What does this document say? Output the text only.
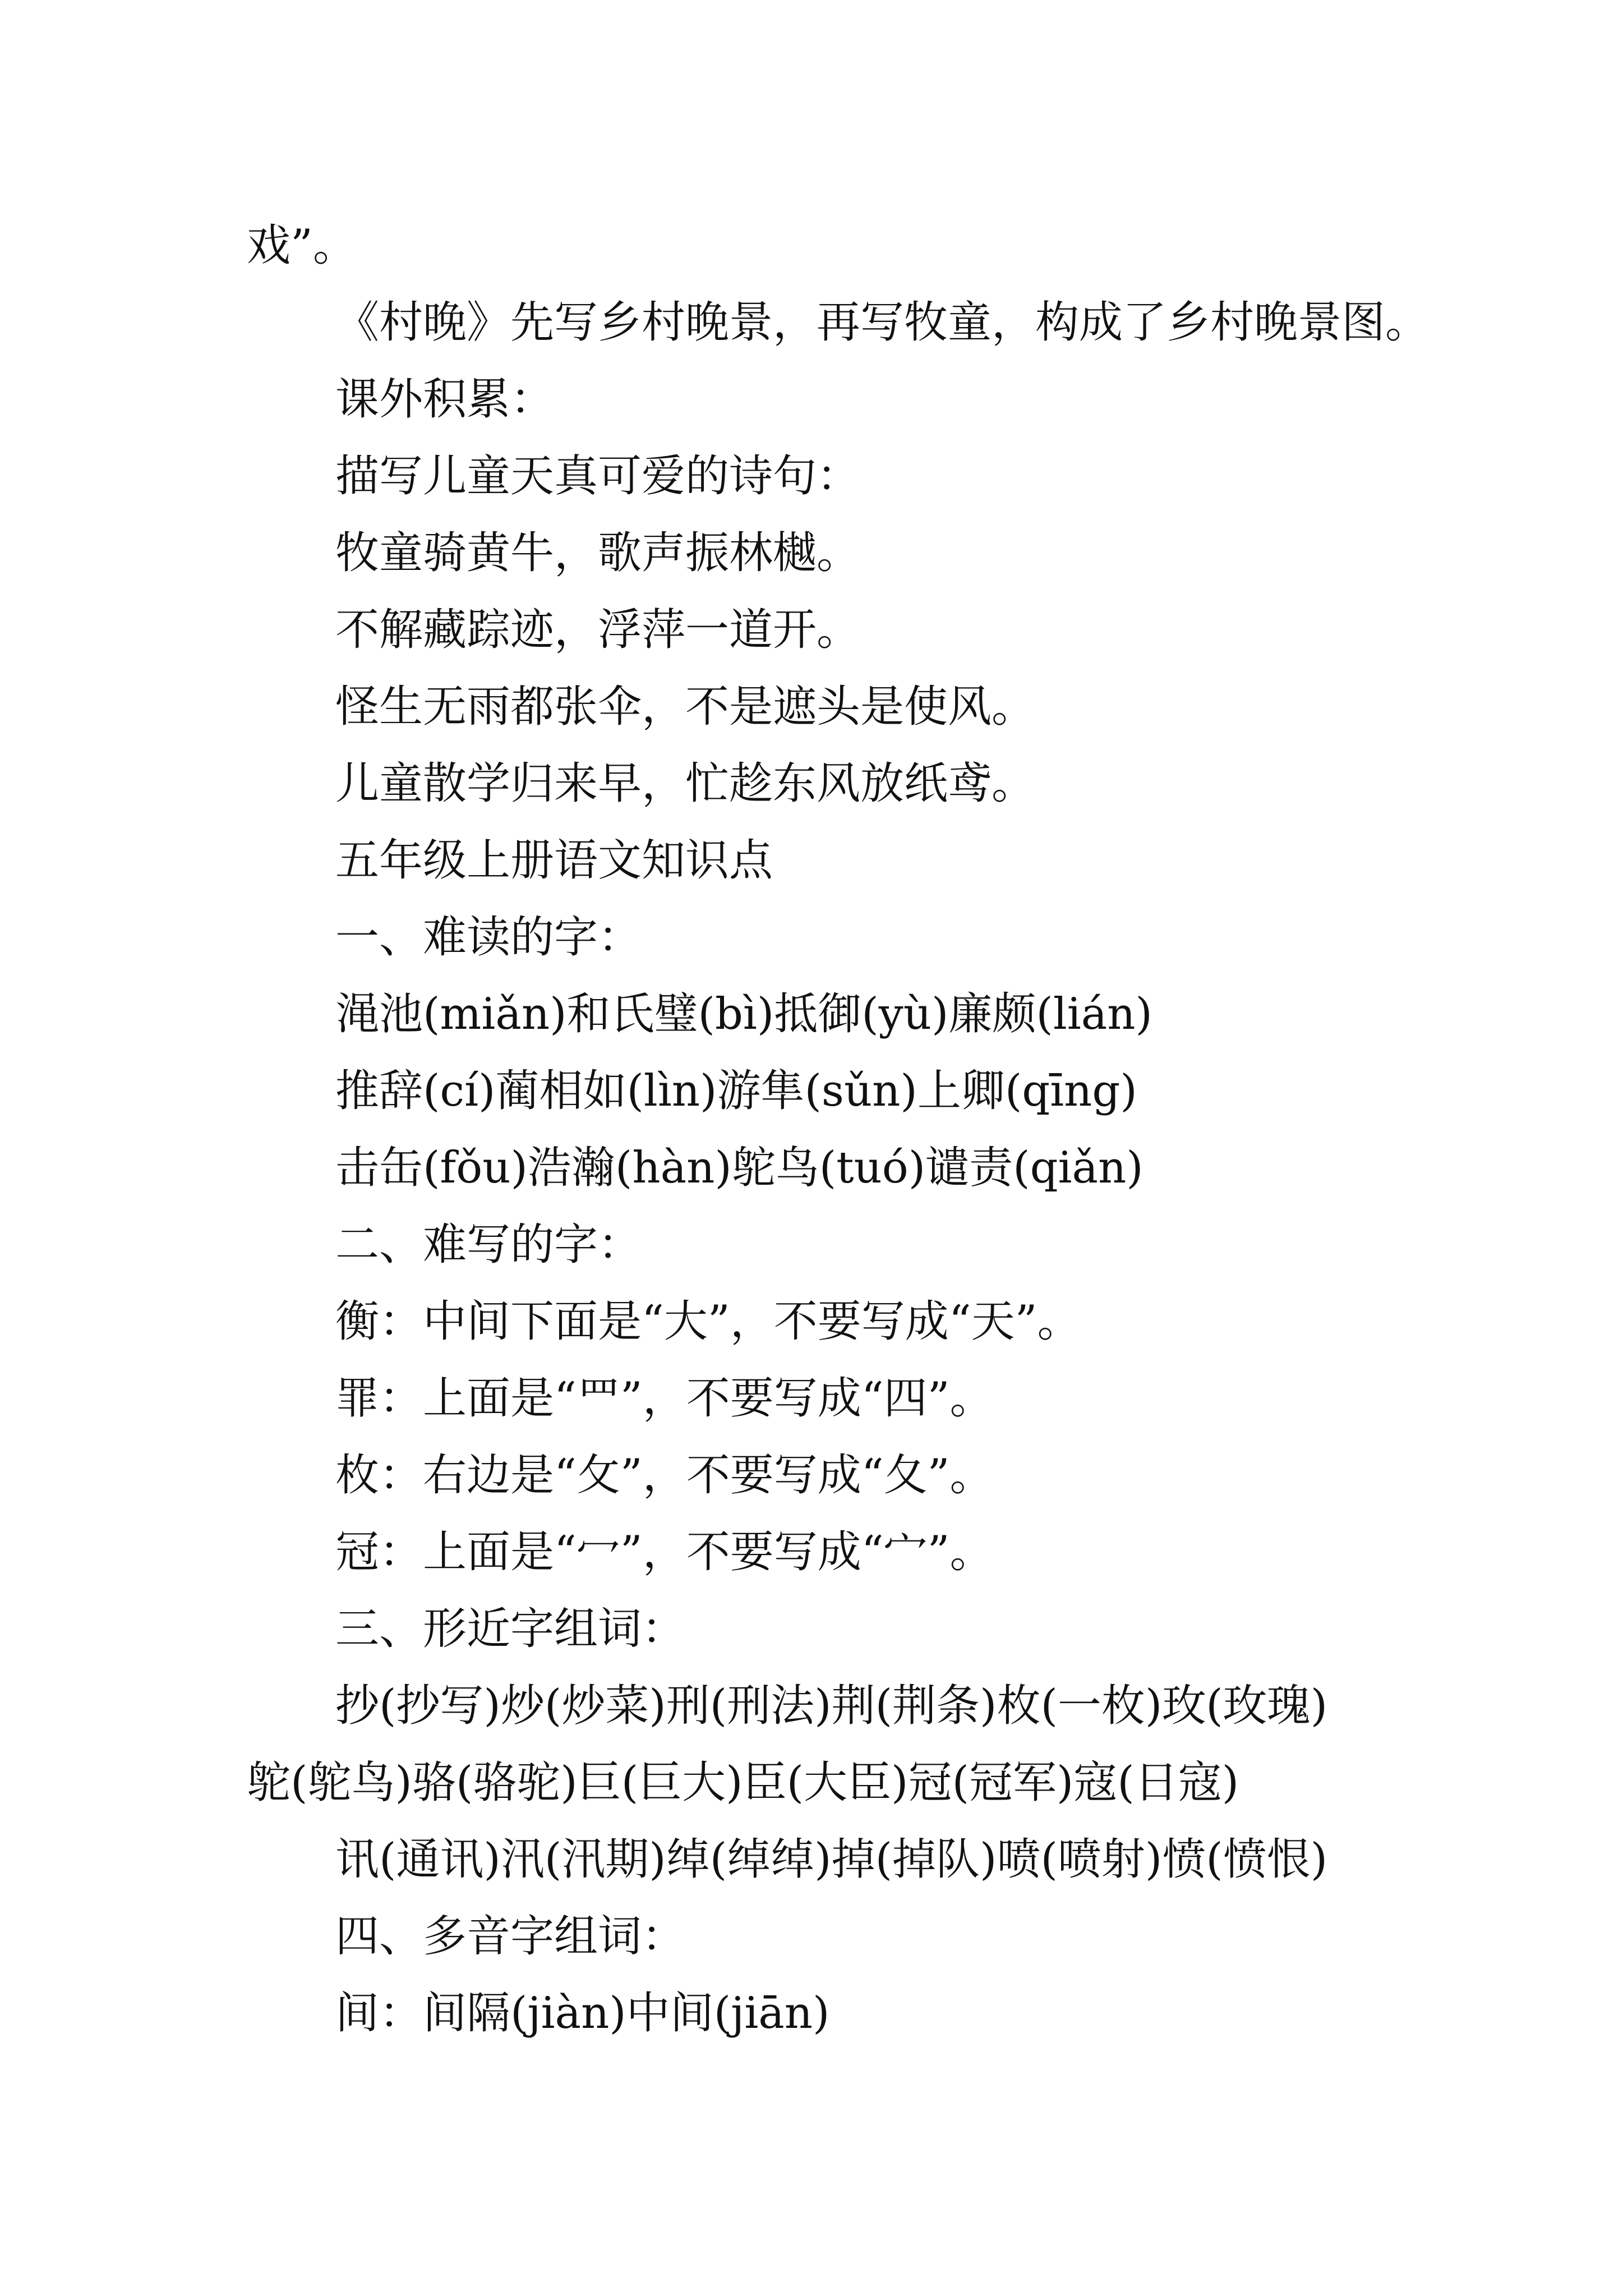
戏”。

《村晚》先写乡村晚景，再写牧童，构成了乡村晚景图。

课外积累：

描写儿童天真可爱的诗句：

牧童骑黄牛，歌声振林樾。

不解藏踪迹，浮萍一道开。

怪生无雨都张伞，不是遮头是使风。

儿童散学归来早，忙趁东风放纸鸢。

五年级上册语文知识点

一、难读的字：

渑池(miǎn)和氏璧(bì)抵御(yù)廉颇(lián)

推辞(cí)蔺相如(lìn)游隼(sǔn)上卿(qīng)

击缶(fǒu)浩瀚(hàn)鸵鸟(tuó)谴责(qiǎn)

二、难写的字：

衡：中间下面是“大”，不要写成“天”。

罪：上面是“罒”，不要写成“四”。

枚：右边是“攵”，不要写成“夂”。

冠：上面是“冖”，不要写成“宀”。

三、形近字组词：

抄(抄写)炒(炒菜)刑(刑法)荆(荆条)枚(一枚)玫(玫瑰)

鸵(鸵鸟)骆(骆驼)巨(巨大)臣(大臣)冠(冠军)寇(日寇)

讯(通讯)汛(汛期)绰(绰绰)掉(掉队)喷(喷射)愤(愤恨)

四、多音字组词：

间：间隔(jiàn)中间(jiān)
